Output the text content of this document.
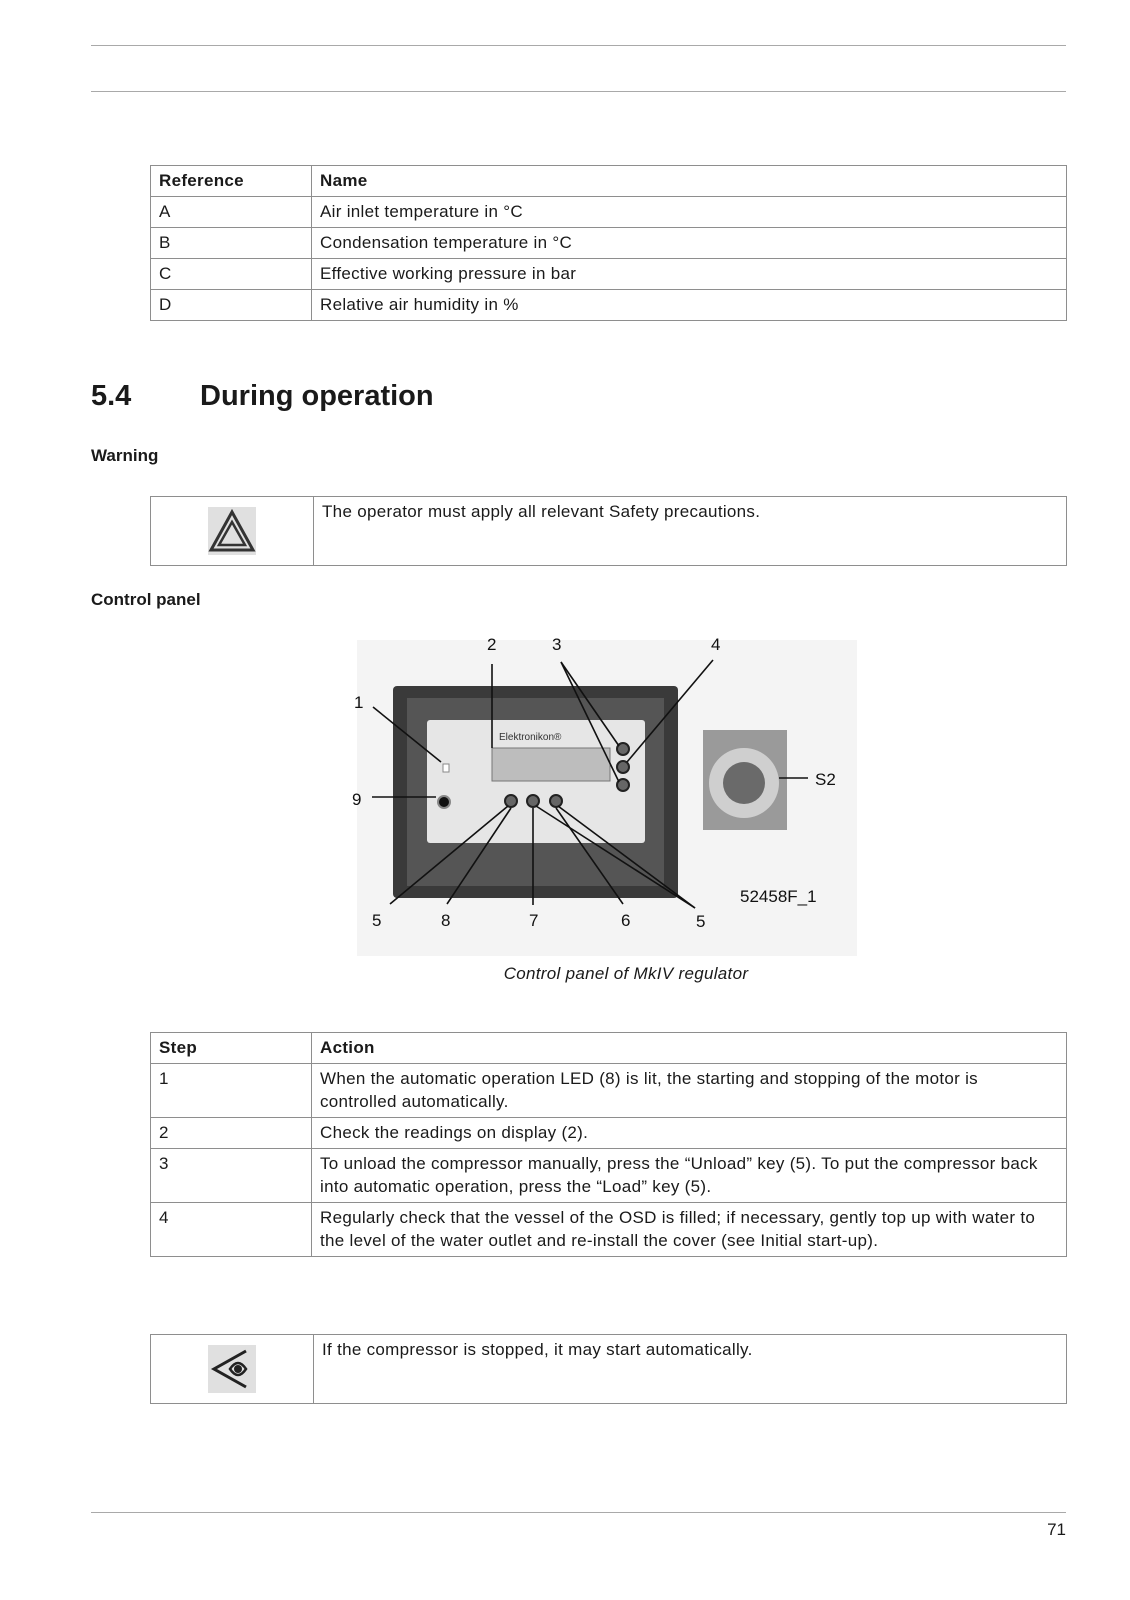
Reference	Name
A	Air inlet temperature in °C
B	Condensation temperature in °C
C	Effective working pressure in bar
D	Relative air humidity in %
5.4 During operation
Warning
	The operator must apply all relevant Safety precautions.
Control panel
Elektronikon®
1
2	3	4
5	6
7
8
9
5
S2
52458F_1
Control panel of MkIV regulator
Step	Action
1	When the automatic operation LED (8) is lit, the starting and stopping of the motor is controlled automatically.
2	Check the readings on display (2).
3	To unload the compressor manually, press the “Unload” key (5). To put the compressor back into automatic operation, press the “Load” key (5).
4	Regularly check that the vessel of the OSD is filled; if necessary, gently top up with water to the level of the water outlet and re-install the cover (see Initial start-up).
	If the compressor is stopped, it may start automatically.
71
